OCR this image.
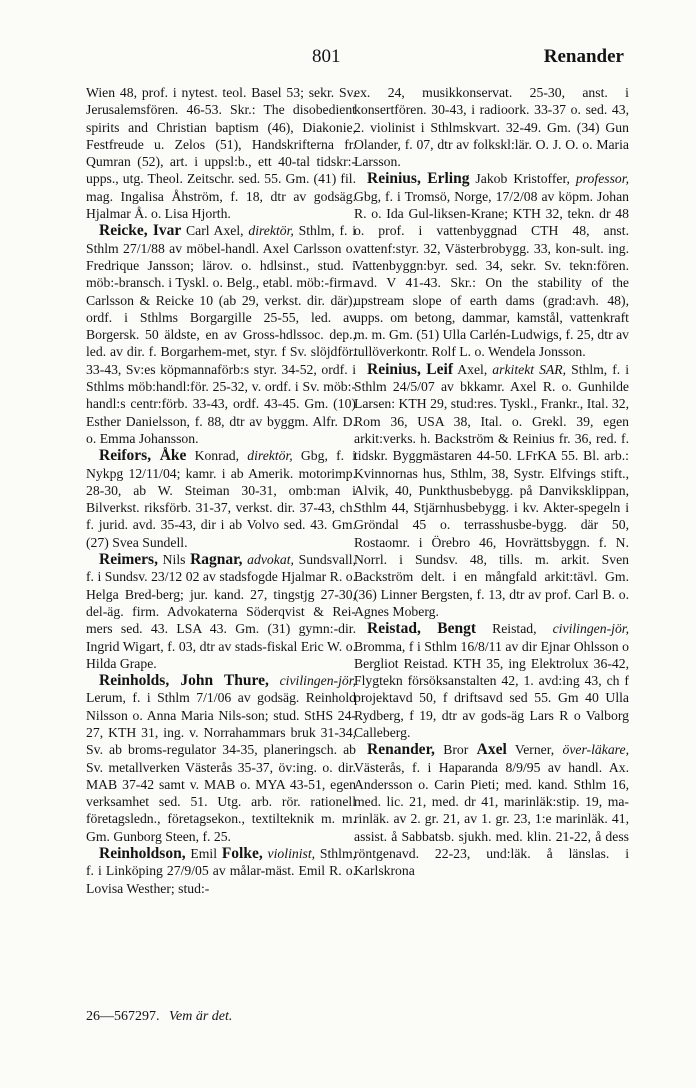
801	Renander
Wien 48, prof. i nytest. teol. Basel 53; sekr. Sv. Jerusalemsfören. 46-53. Skr.: The disobedient spirits and Christian baptism (46), Diakonie, Festfreude u. Zelos (51), Handskrifterna fr. Qumran (52), art. i uppsl:b., ett 40-tal tidskr:-upps., utg. Theol. Zeitschr. sed. 55. Gm. (41) fil. mag. Ingalisa Åhström, f. 18, dtr av godsäg. Hjalmar Å. o. Lisa Hjorth.
Reicke, Ivar Carl Axel, direktör, Sthlm, f. i Sthlm 27/1/88 av möbel-handl. Axel Carlsson o. Fredrique Jansson; lärov. o. hdlsinst., stud. i möb:-bransch. i Tyskl. o. Belg., etabl. möb:-firm. Carlsson & Reicke 10 (ab 29, verkst. dir. där), ordf. i Sthlms Borgargille 25-55, led. av Borgersk. 50 äldste, en av Gross-hdlssoc. dep., led. av dir. f. Borgarhem-met, styr. f Sv. slöjdför. 33-43, Sv:es köpmannaförb:s styr. 34-52, ordf. i Sthlms möb:handl:för. 25-32, v. ordf. i Sv. möb:-handl:s centr:förb. 33-43, ordf. 43-45. Gm. (10) Esther Danielsson, f. 88, dtr av byggm. Alfr. D. o. Emma Johansson.
Reifors, Åke Konrad, direktör, Gbg, f. i Nykpg 12/11/04; kamr. i ab Amerik. motorimp. 28-30, ab W. Steiman 30-31, omb:man i Bilverkst. riksförb. 31-37, verkst. dir. 37-43, ch. f. jurid. avd. 35-43, dir i ab Volvo sed. 43. Gm. (27) Svea Sundell.
Reimers, Nils Ragnar, advokat, Sundsvall, f. i Sundsv. 23/12 02 av stadsfogde Hjalmar R. o. Helga Bred-berg; jur. kand. 27, tingstjg 27-30, del-äg. firm. Advokaterna Söderqvist & Rei-mers sed. 43. LSA 43. Gm. (31) gymn:-dir. Ingrid Wigart, f. 03, dtr av stads-fiskal Eric W. o. Hilda Grape.
Reinholds, John Thure, civilingen-jör, Lerum, f. i Sthlm 7/1/06 av godsäg. Reinhold Nilsson o. Anna Maria Nils-son; stud. StHS 24-27, KTH 31, ing. v. Norrahammars bruk 31-34, Sv. ab broms-regulator 34-35, planeringsch. ab Sv. metallverken Västerås 35-37, öv:ing. o. dir. MAB 37-42 samt v. MAB o. MYA 43-51, egen verksamhet sed. 51. Utg. arb. rör. rationell företagsledn., företagsekon., textilteknik m. m. Gm. Gunborg Steen, f. 25.
Reinholdson, Emil Folke, violinist, Sthlm, f. i Linköping 27/9/05 av målar-mäst. Emil R. o. Lovisa Westher; stud:-
ex. 24, musikkonservat. 25-30, anst. i konsertfören. 30-43, i radioork. 33-37 o. sed. 43, 2. violinist i Sthlmskvart. 32-49. Gm. (34) Gun Olander, f. 07, dtr av folkskl:lär. O. J. O. o. Maria Larsson.
Reinius, Erling Jakob Kristoffer, professor, Gbg, f. i Tromsö, Norge, 17/2/08 av köpm. Johan R. o. Ida Gul-liksen-Krane; KTH 32, tekn. dr 48 o. prof. i vattenbyggnad CTH 48, anst. vattenf:styr. 32, Västerbrobygg. 33, kon-sult. ing. Vattenbyggn:byr. sed. 34, sekr. Sv. tekn:fören. avd. V 41-43. Skr.: On the stability of the upstream slope of earth dams (grad:avh. 48), upps. om betong, dammar, kamstål, vattenkraft m. m. Gm. (51) Ulla Carlén-Ludwigs, f. 25, dtr av tullöverkontr. Rolf L. o. Wendela Jonsson.
Reinius, Leif Axel, arkitekt SAR, Sthlm, f. i Sthlm 24/5/07 av bkkamr. Axel R. o. Gunhilde Larsen: KTH 29, stud:res. Tyskl., Frankr., Ital. 32, Rom 36, USA 38, Ital. o. Grekl. 39, egen arkit:verks. h. Backström & Reinius fr. 36, red. f. tidskr. Byggmästaren 44-50. LFrKA 55. Bl. arb.: Kvinnornas hus, Sthlm, 38, Systr. Elfvings stift., Alvik, 40, Punkthusbebygg. på Danviksklippan, Sthlm 44, Stjärnhusbebygg. i kv. Akter-spegeln i Gröndal 45 o. terrasshusbe-bygg. där 50, Rostaomr. i Örebro 46, Hovrättsbyggn. f. N. Norrl. i Sundsv. 48, tills. m. arkit. Sven Backström delt. i en mångfald arkit:tävl. Gm. (36) Linner Bergsten, f. 13, dtr av prof. Carl B. o. Agnes Moberg.
Reistad, Bengt Reistad, civilingen-jör, Bromma, f i Sthlm 16/8/11 av dir Ejnar Ohlsson o Bergliot Reistad. KTH 35, ing Elektrolux 36-42, Flygtekn försöksanstalten 42, 1. avd:ing 43, ch f projektavd 50, f driftsavd sed 55. Gm 40 Ulla Rydberg, f 19, dtr av gods-äg Lars R o Valborg Calleberg.
Renander, Bror Axel Verner, över-läkare, Västerås, f. i Haparanda 8/9/95 av handl. Ax. Andersson o. Carin Pieti; med. kand. Sthlm 16, med. lic. 21, med. dr 41, marinläk:stip. 19, ma-rinläk. av 2. gr. 21, av 1. gr. 23, 1:e marinläk. 41, assist. å Sabbatsb. sjukh. med. klin. 21-22, å dess röntgenavd. 22-23, und:läk. å länslas. i Karlskrona
26—567297. Vem är det.
